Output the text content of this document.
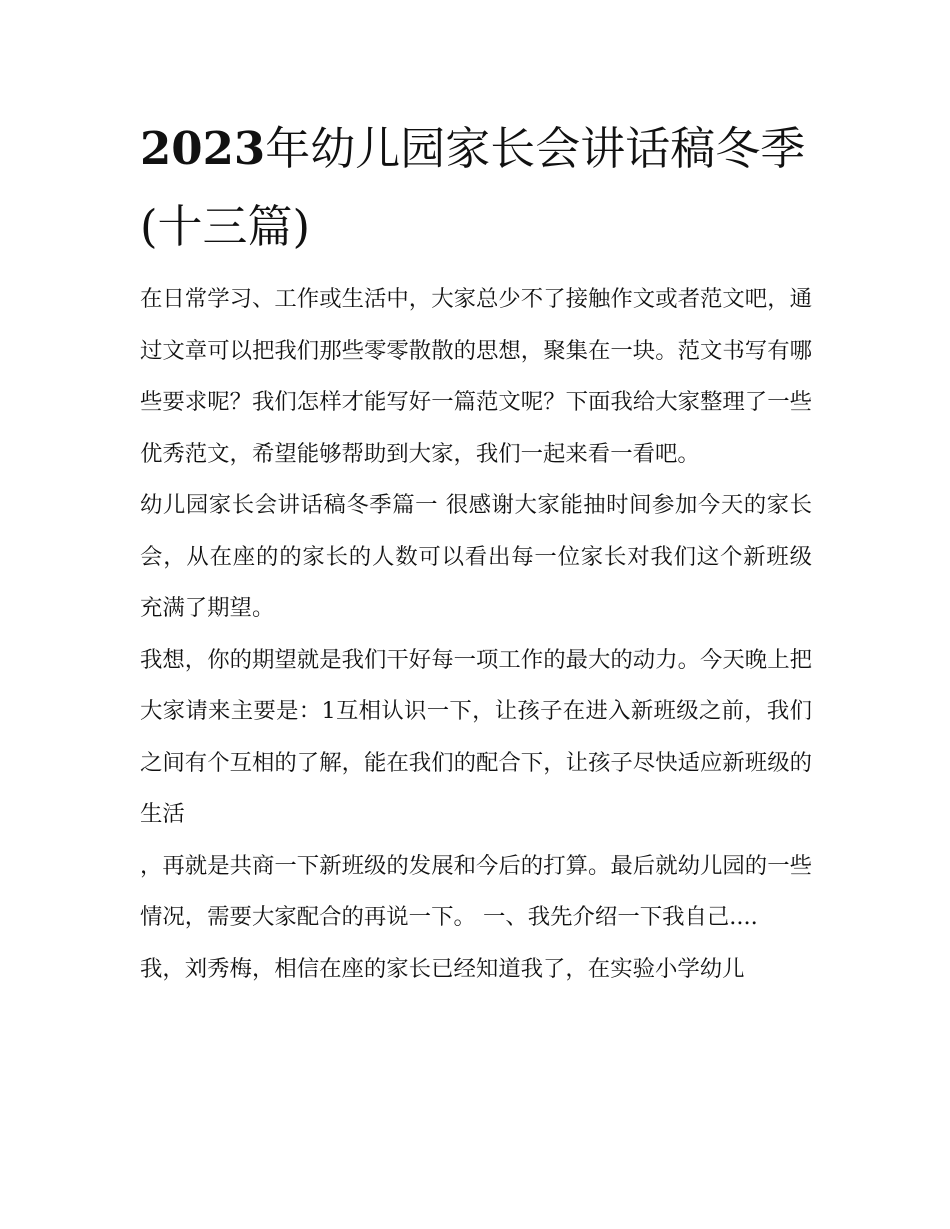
2023年幼儿园家长会讲话稿冬季(十三篇)

在日常学习、工作或生活中，大家总少不了接触作文或者范文吧，通过文章可以把我们那些零零散散的思想，聚集在一块。范文书写有哪些要求呢？我们怎样才能写好一篇范文呢？下面我给大家整理了一些优秀范文，希望能够帮助到大家，我们一起来看一看吧。

幼儿园家长会讲话稿冬季篇一 很感谢大家能抽时间参加今天的家长会，从在座的的家长的人数可以看出每一位家长对我们这个新班级 充满了期望。

我想，你的期望就是我们干好每一项工作的最大的动力。今天晚上把大家请来主要是：1互相认识一下，让孩子在进入新班级之前，我们之间有个互相的了解，能在我们的配合下，让孩子尽快适应新班级的生活

，再就是共商一下新班级的发展和今后的打算。最后就幼儿园的一些情况，需要大家配合的再说一下。 一、我先介绍一下我自己....

我，刘秀梅，相信在座的家长已经知道我了，在实验小学幼儿
